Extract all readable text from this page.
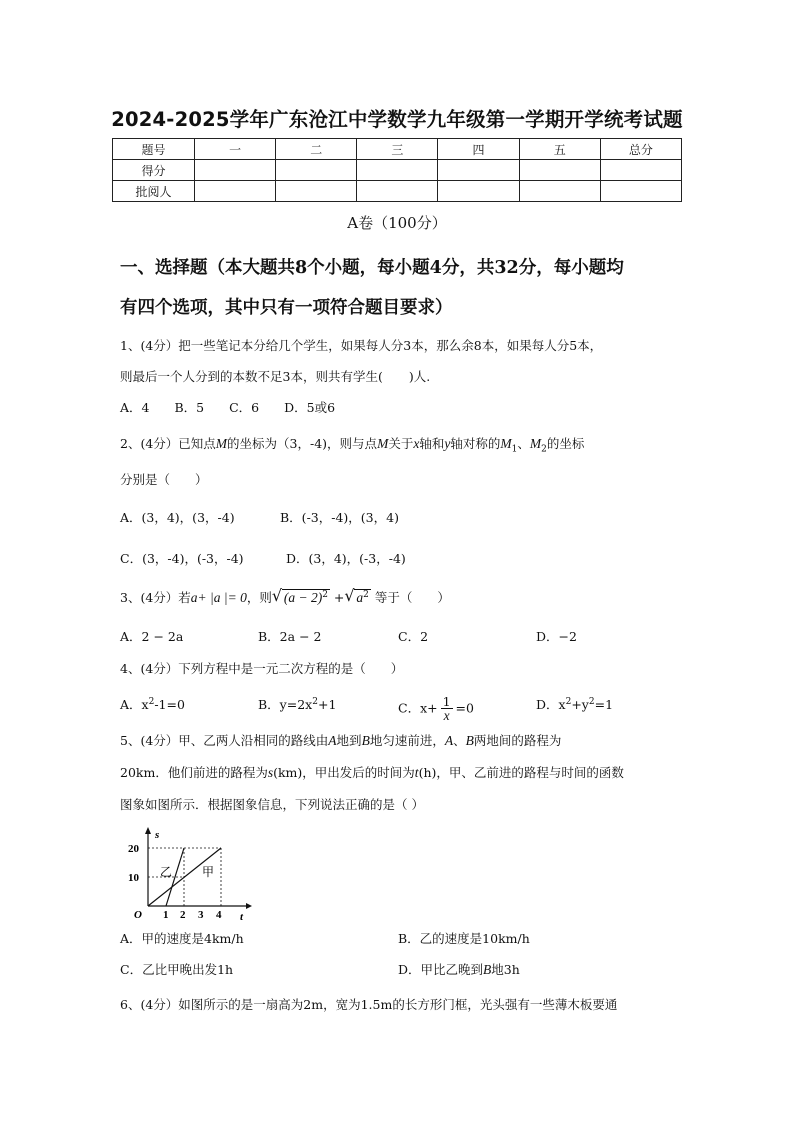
2024-2025学年广东沧江中学数学九年级第一学期开学统考试题
题号	一	二	三	四	五	总分
得分						
批阅人						
A卷（100分）
一、选择题（本大题共8个小题，每小题4分，共32分，每小题均
有四个选项，其中只有一项符合题目要求）
1、(4分）把一些笔记本分给几个学生，如果每人分3本，那么余8本，如果每人分5本，
则最后一个人分到的本数不足3本，则共有学生( )人.
A．4　　B．5　　C．6　　D．5或6
2、(4分）已知点M的坐标为（3，-4)，则与点M关于x轴和y轴对称的$M_1$、$M_2$的坐标
分别是（　　）
A．(3，4)，(3，-4)	B．(-3，-4)，(3，4)
C．(3，-4)，(-3，-4)	D．(3，4)，(-3，-4)
3、(4分）若a+ |a |= 0，则 √ $(a - 2)^2$ + √ $a^2$ 等于（　　）
A．2 − 2a	B．2a − 2	C．2	D．−2
4、(4分）下列方程中是一元二次方程的是（　　）
A．$x^2-1=0$	B．$y=2x^2+1$	C．$x+ \frac{1}{x} =0$	D．$x^2+y^2=1$
5、(4分）甲、乙两人沿相同的路线由A地到B地匀速前进，A、B两地间的路程为
20km．他们前进的路程为s(km)，甲出发后的时间为t(h)，甲、乙前进的路程与时间的函数
图象如图所示．根据图象信息，下列说法正确的是（ ）
s
t
O
20
10
1 2 3 4
乙 甲
A．甲的速度是4km/h	B．乙的速度是10km/h
C．乙比甲晚出发1h	D．甲比乙晚到B地3h
6、(4分）如图所示的是一扇高为2m，宽为1.5m的长方形门框，光头强有一些薄木板要通
